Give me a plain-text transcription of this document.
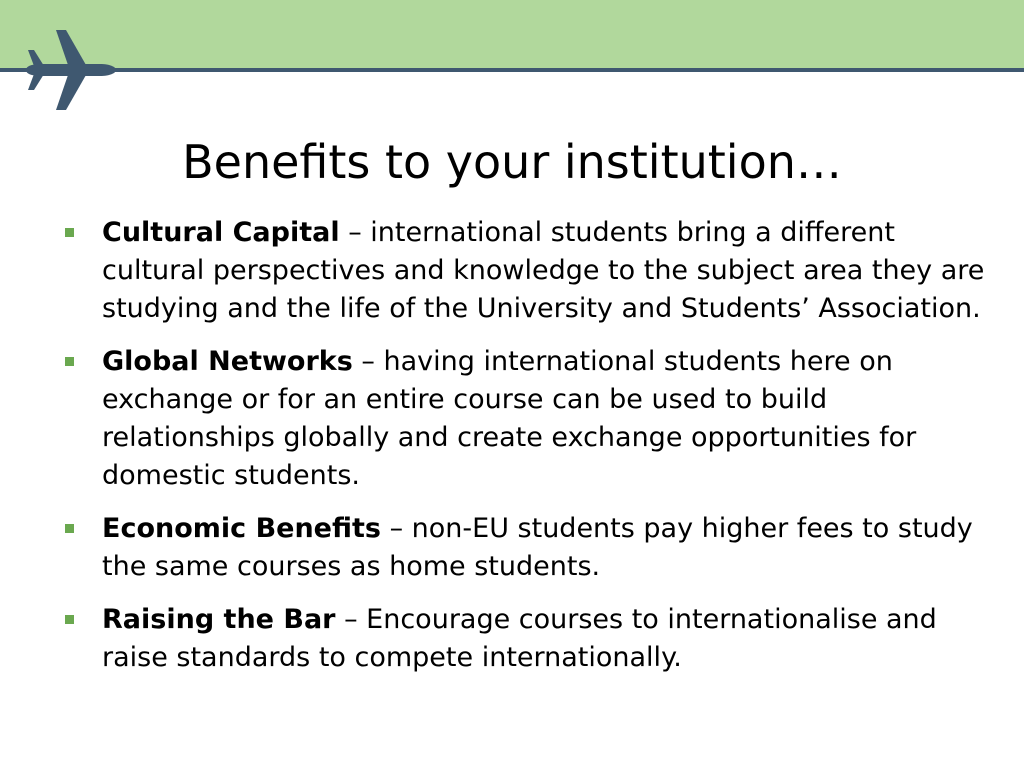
Benefits to your institution…
Cultural Capital – international students bring a different cultural perspectives and knowledge to the subject area they are studying and the life of the University and Students’ Association.
Global Networks – having international students here on exchange or for an entire course can be used to build relationships globally and create exchange opportunities for domestic students.
Economic Benefits – non-EU students pay higher fees to study the same courses as home students.
Raising the Bar – Encourage courses to internationalise and raise standards to compete internationally.
